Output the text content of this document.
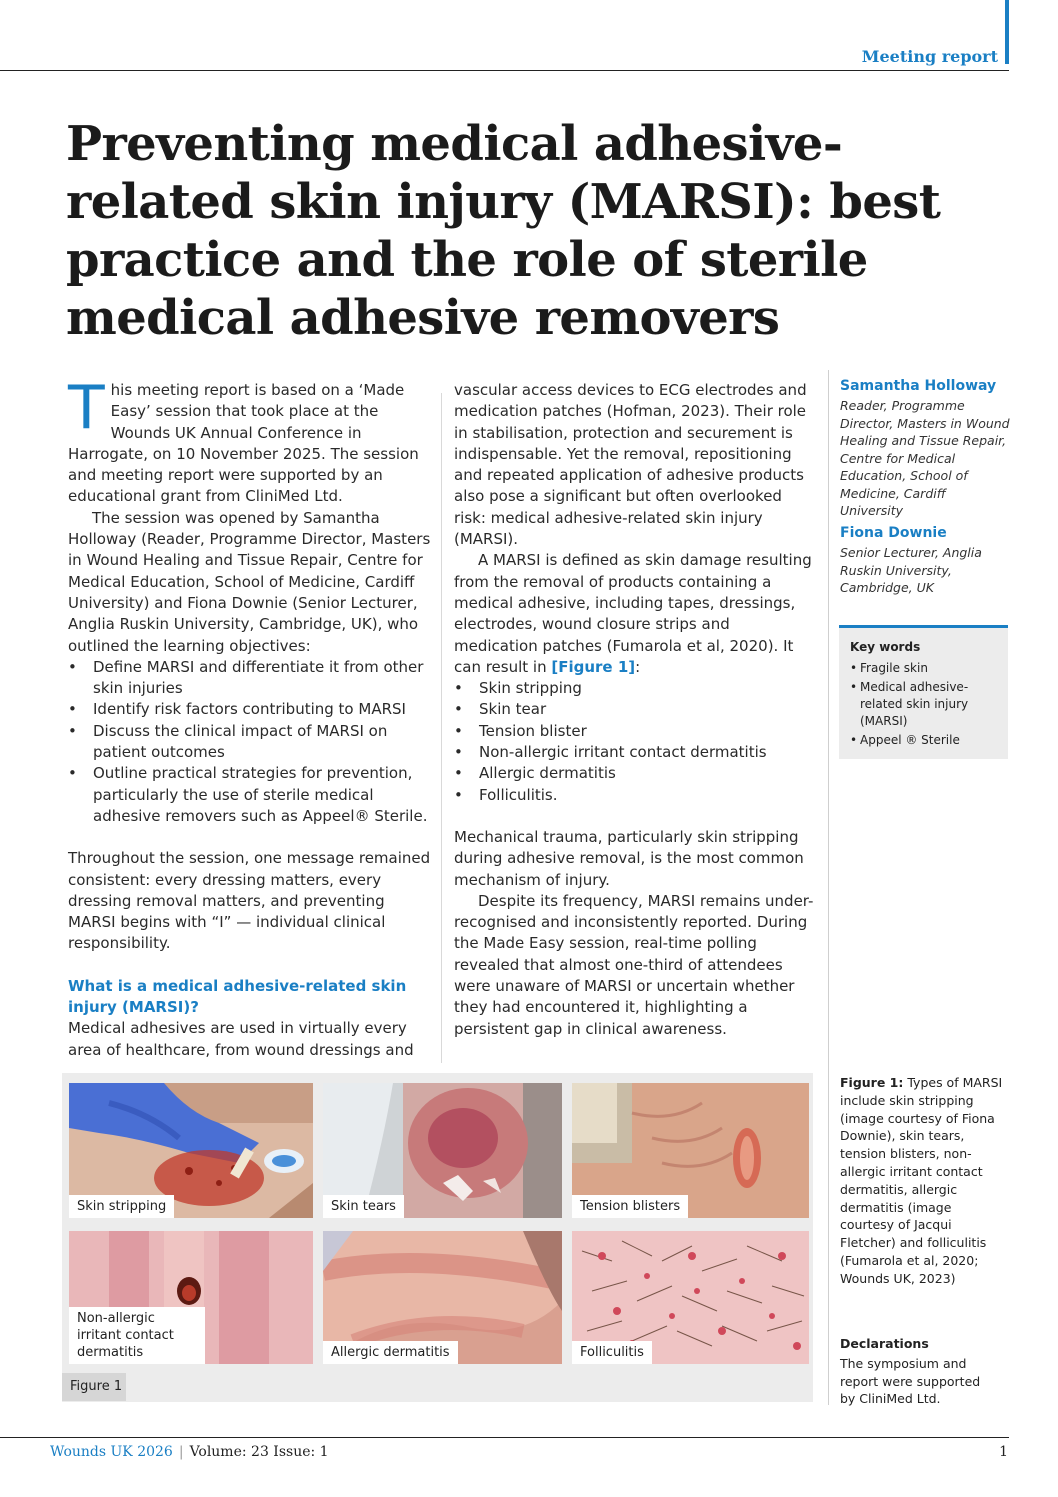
Meeting report
Preventing medical adhesive-related skin injury (MARSI): best practice and the role of sterile medical adhesive removers

This meeting report is based on a ‘Made Easy’ session that took place at the Wounds UK Annual Conference in Harrogate, on 10 November 2025. The session and meeting report were supported by an educational grant from CliniMed Ltd.

The session was opened by Samantha Holloway (Reader, Programme Director, Masters in Wound Healing and Tissue Repair, Centre for Medical Education, School of Medicine, Cardiff University) and Fiona Downie (Senior Lecturer, Anglia Ruskin University, Cambridge, UK), who outlined the learning objectives:

• Define MARSI and differentiate it from other skin injuries
• Identify risk factors contributing to MARSI
• Discuss the clinical impact of MARSI on patient outcomes
• Outline practical strategies for prevention, particularly the use of sterile medical adhesive removers such as Appeel® Sterile.

Throughout the session, one message remained consistent: every dressing matters, every dressing removal matters, and preventing MARSI begins with “I” — individual clinical responsibility.

What is a medical adhesive-related skin injury (MARSI)?

Medical adhesives are used in virtually every area of healthcare, from wound dressings and

vascular access devices to ECG electrodes and medication patches (Hofman, 2023). Their role in stabilisation, protection and securement is indispensable. Yet the removal, repositioning and repeated application of adhesive products also pose a significant but often overlooked risk: medical adhesive-related skin injury (MARSI).

A MARSI is defined as skin damage resulting from the removal of products containing a medical adhesive, including tapes, dressings, electrodes, wound closure strips and medication patches (Fumarola et al, 2020). It can result in [Figure 1]:

• Skin stripping
• Skin tear
• Tension blister
• Non-allergic irritant contact dermatitis
• Allergic dermatitis
• Folliculitis.

Mechanical trauma, particularly skin stripping during adhesive removal, is the most common mechanism of injury.

Despite its frequency, MARSI remains under-recognised and inconsistently reported. During the Made Easy session, real-time polling revealed that almost one-third of attendees were unaware of MARSI or uncertain whether they had encountered it, highlighting a persistent gap in clinical awareness.

Samantha Holloway
Reader, Programme Director, Masters in Wound Healing and Tissue Repair, Centre for Medical Education, School of Medicine, Cardiff University
Fiona Downie
Senior Lecturer, Anglia Ruskin University, Cambridge, UK
Key words
• Fragile skin
• Medical adhesive-related skin injury (MARSI)
• Appeel ® Sterile
Figure 1: Types of MARSI include skin stripping (image courtesy of Fiona Downie), skin tears, tension blisters, non-allergic irritant contact dermatitis, allergic dermatitis (image courtesy of Jacqui Fletcher) and folliculitis (Fumarola et al, 2020; Wounds UK, 2023)
Declarations
The symposium and report were supported by CliniMed Ltd.
Skin stripping	Skin tears	Tension blisters
Non-allergic irritant contact dermatitis	Allergic dermatitis	Folliculitis
Figure 1
Wounds UK 2026 | Volume: 23 Issue: 1	1
